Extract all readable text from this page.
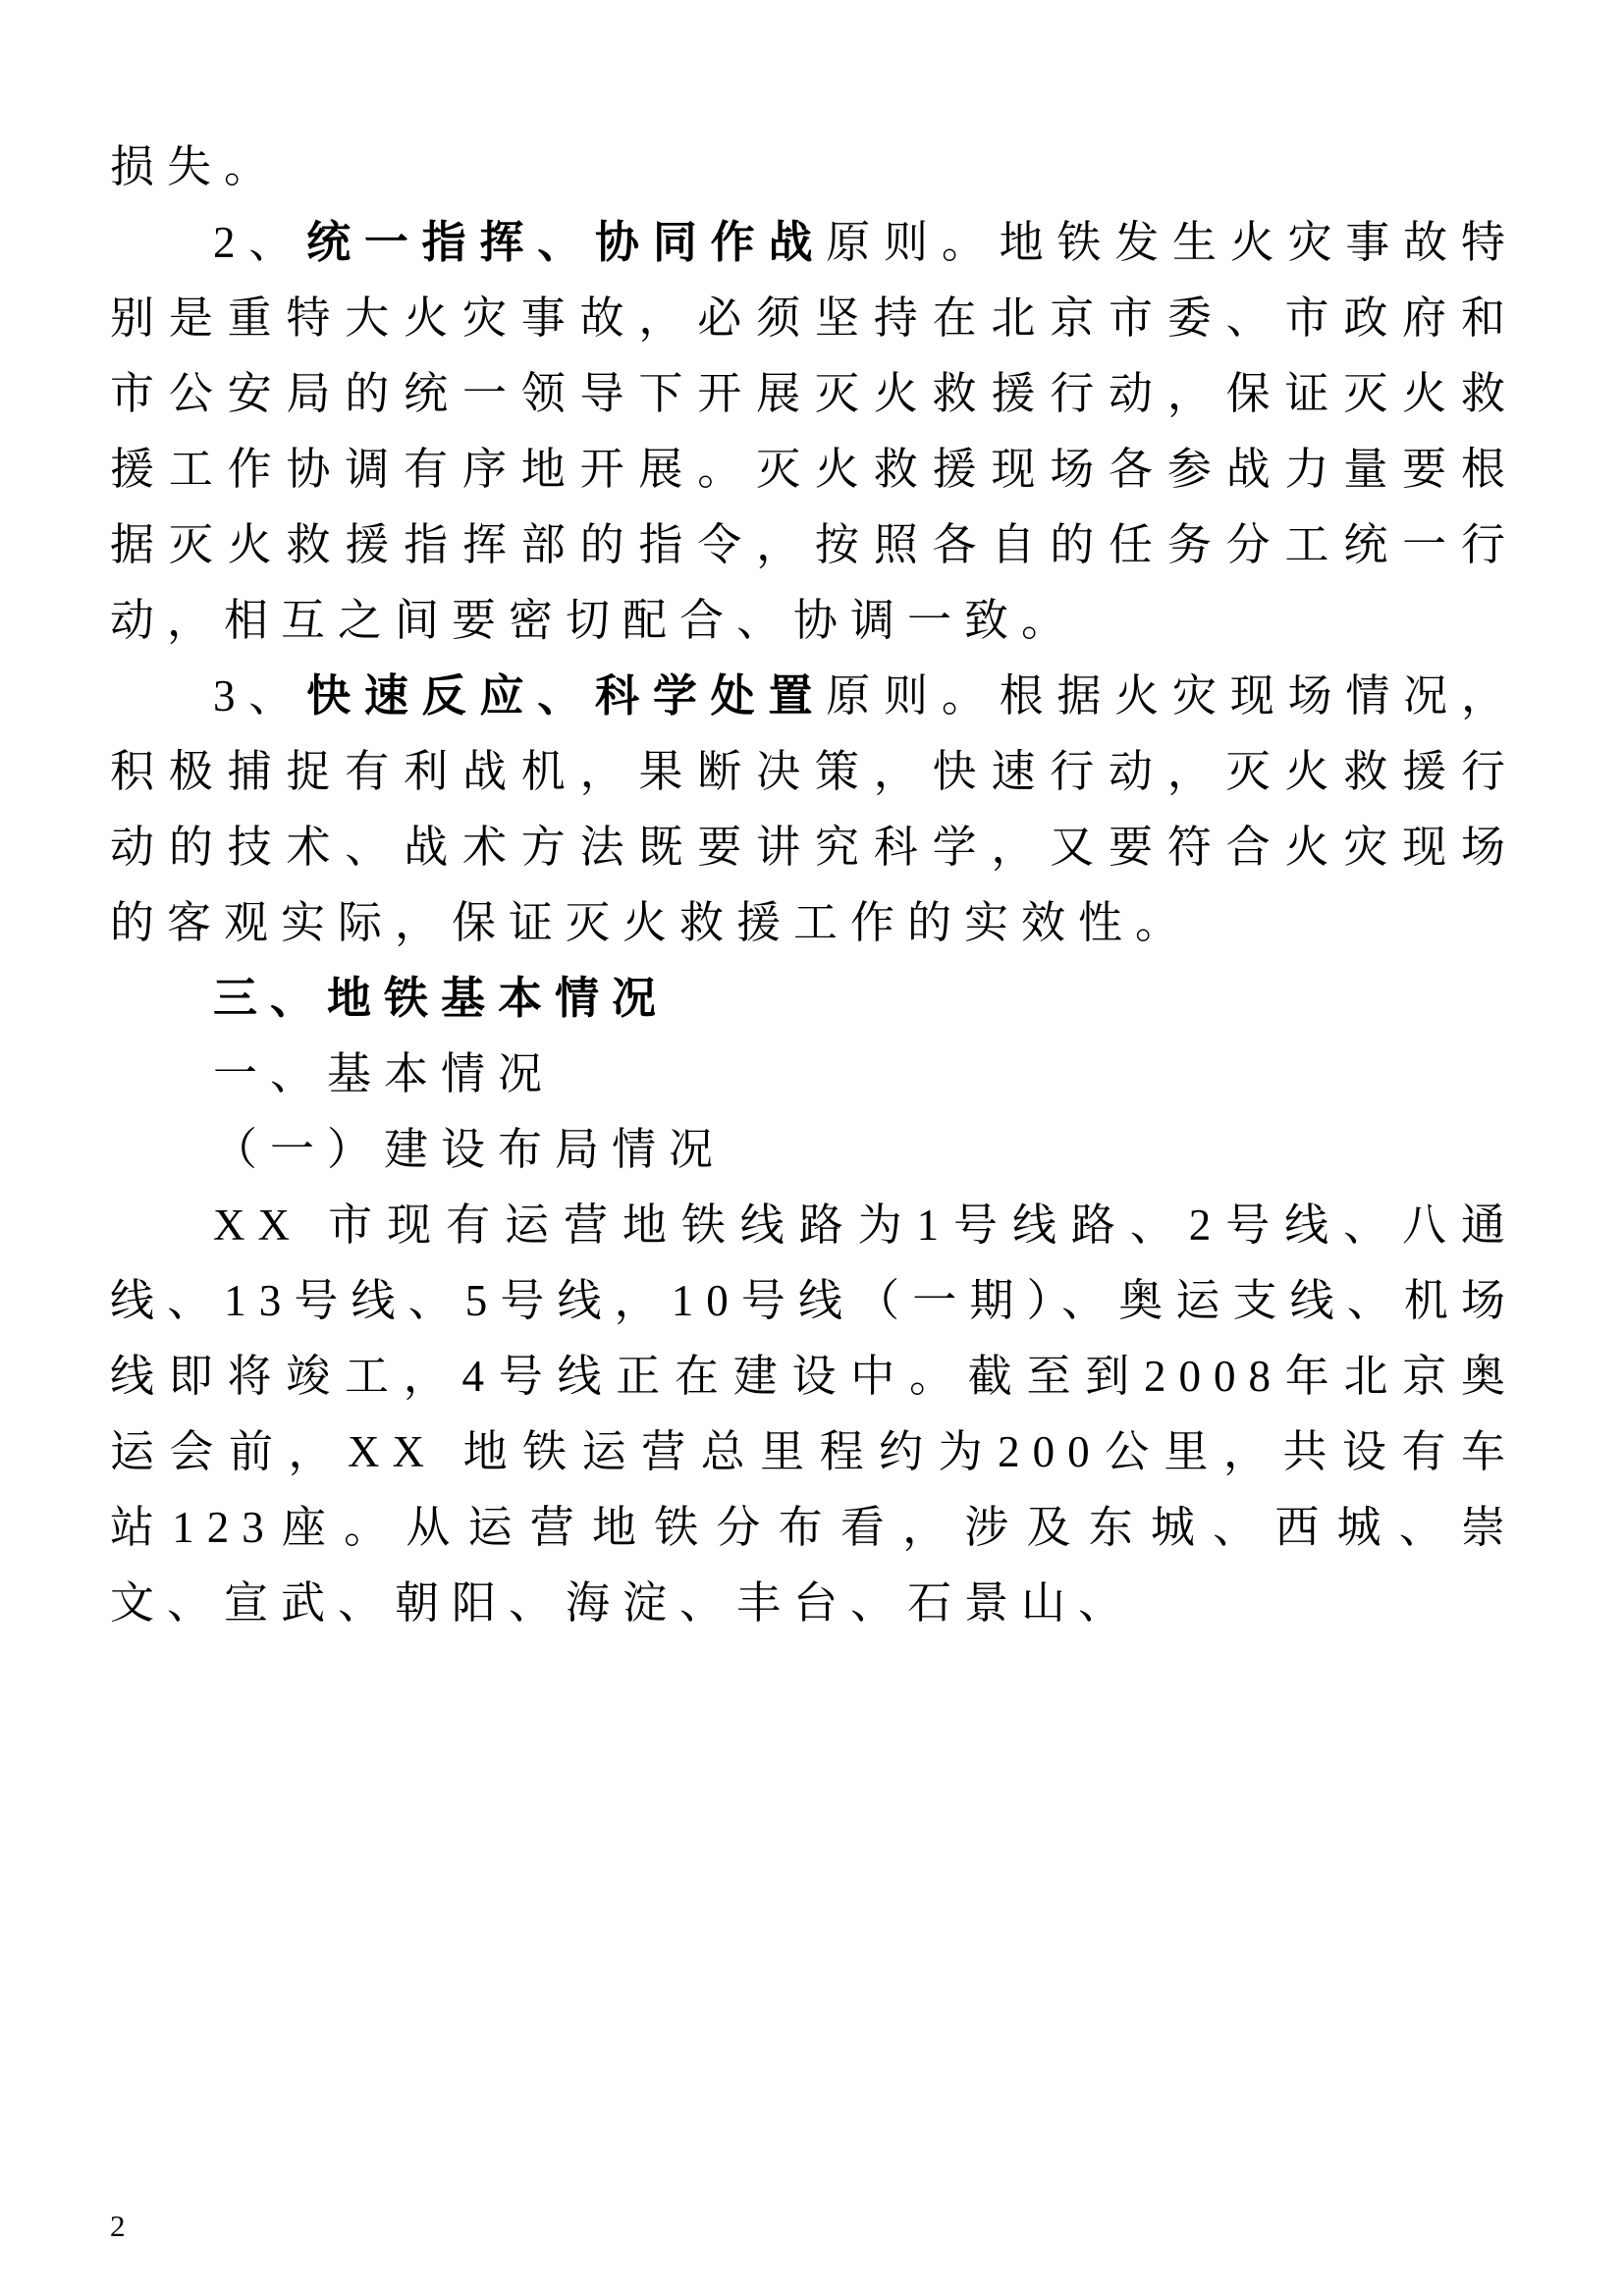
损失。

2、统一指挥、协同作战原则。地铁发生火灾事故特别是重特大火灾事故，必须坚持在北京市委、市政府和市公安局的统一领导下开展灭火救援行动，保证灭火救援工作协调有序地开展。灭火救援现场各参战力量要根据灭火救援指挥部的指令，按照各自的任务分工统一行动，相互之间要密切配合、协调一致。

3、快速反应、科学处置原则。根据火灾现场情况，积极捕捉有利战机，果断决策，快速行动，灭火救援行动的技术、战术方法既要讲究科学，又要符合火灾现场的客观实际，保证灭火救援工作的实效性。

三、地铁基本情况

一、基本情况

（一）建设布局情况

XX 市现有运营地铁线路为1号线路、2号线、八通线、13号线、5号线，10号线（一期）、奥运支线、机场线即将竣工，4号线正在建设中。截至到2008年北京奥运会前，XX 地铁运营总里程约为200公里，共设有车站123座。从运营地铁分布看，涉及东城、西城、崇文、宣武、朝阳、海淀、丰台、石景山、

2
